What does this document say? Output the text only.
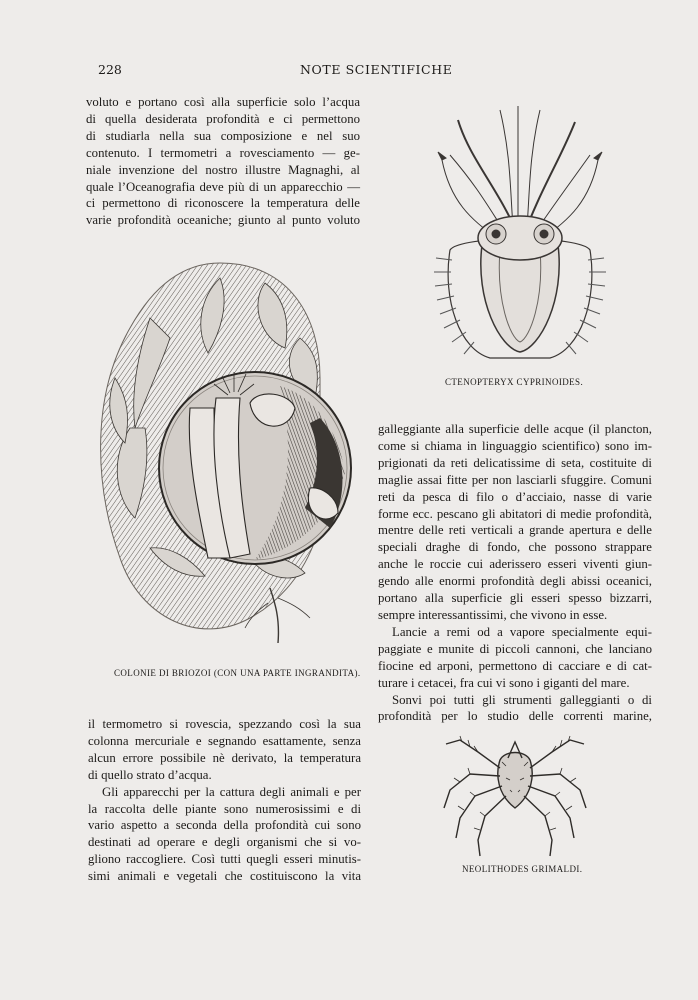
228	NOTE SCIENTIFICHE
voluto e portano così alla superficie solo l’acqua
di quella desiderata profondità e ci permettono
di studiarla nella sua composizione e nel suo
contenuto. I termometri a rovesciamento — ge-
niale invenzione del nostro illustre Magnaghi, al
quale l’Oceanografia deve più di un apparecchio —
ci permettono di riconoscere la temperatura delle
varie profondità oceaniche; giunto al punto voluto
CTENOPTERYX CYPRINOIDES.
COLONIE DI BRIOZOI (CON UNA PARTE INGRANDITA).
galleggiante alla superficie delle acque (il plancton,
come si chiama in linguaggio scientifico) sono im-
prigionati da reti delicatissime di seta, costituite di
maglie assai fitte per non lasciarli sfuggire. Comuni
reti da pesca di filo o d’acciaio, nasse di varie
forme ecc. pescano gli abitatori di medie profondità,
mentre delle reti verticali a grande apertura e delle
speciali draghe di fondo, che possono strappare
anche le roccie cui aderissero esseri viventi giun-
gendo alle enormi profondità degli abissi oceanici,
portano alla superficie gli esseri spesso bizzarri,
sempre interessantissimi, che vivono in esse.
Lancie a remi od a vapore specialmente equi-
paggiate e munite di piccoli cannoni, che lanciano
fiocine ed arponi, permettono di cacciare e di cat-
turare i cetacei, fra cui vi sono i giganti del mare.
Sonvi poi tutti gli strumenti galleggianti o di
profondità per lo studio delle correnti marine,
il termometro si rovescia, spezzando così la sua
colonna mercuriale e segnando esattamente, senza
alcun errore possibile nè derivato, la temperatura
di quello strato d’acqua.
Gli apparecchi per la cattura degli animali e per
la raccolta delle piante sono numerosissimi e di
vario aspetto a seconda della profondità cui sono
destinati ad operare e degli organismi che si vo-
gliono raccogliere. Così tutti quegli esseri minutis-
simi animali e vegetali che costituiscono la vita
NEOLITHODES GRIMALDI.
